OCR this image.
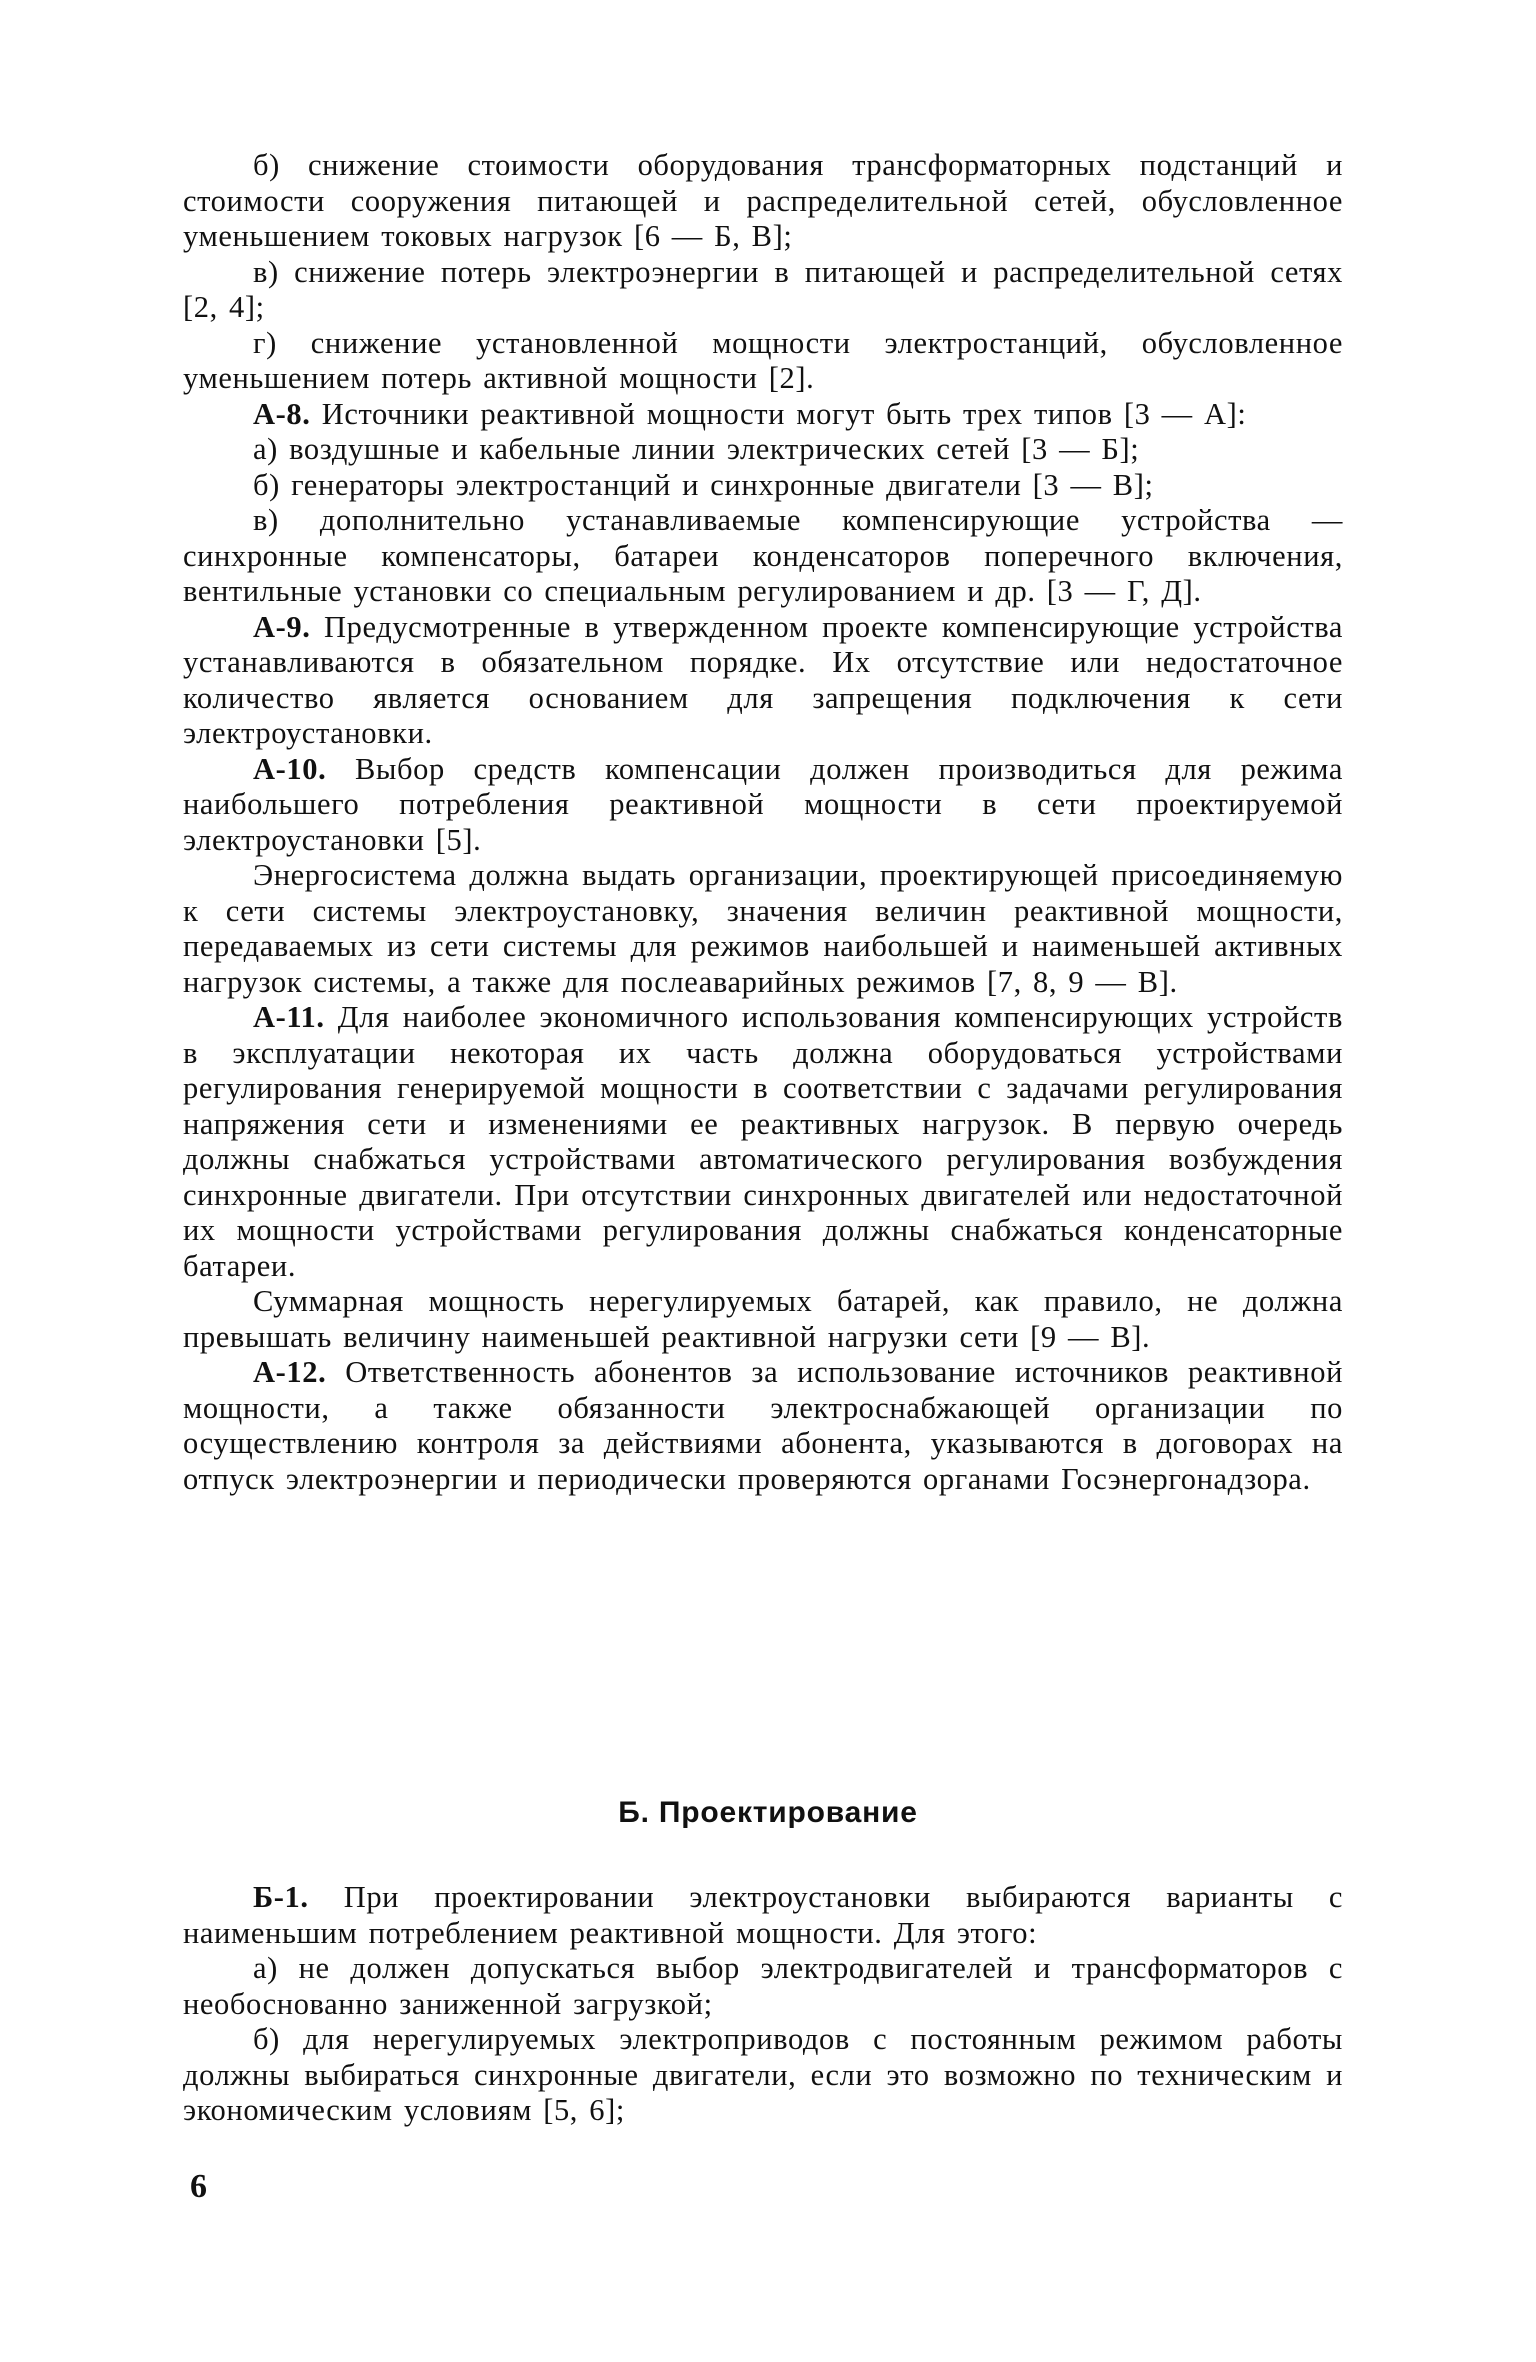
б) снижение стоимости оборудования трансформаторных подстанций и стоимости сооружения питающей и распределительной сетей, обусловленное уменьшением токовых нагрузок [6 — Б, В];

в) снижение потерь электроэнергии в питающей и распределительной сетях [2, 4];

г) снижение установленной мощности электростанций, обусловленное уменьшением потерь активной мощности [2].

А-8. Источники реактивной мощности могут быть трех типов [3 — А]:

а) воздушные и кабельные линии электрических сетей [3 — Б];

б) генераторы электростанций и синхронные двигатели [3 — В];

в) дополнительно устанавливаемые компенсирующие устройства — синхронные компенсаторы, батареи конденсаторов поперечного включения, вентильные установки со специальным регулированием и др. [3 — Г, Д].

А-9. Предусмотренные в утвержденном проекте компенсирующие устройства устанавливаются в обязательном порядке. Их отсутствие или недостаточное количество является основанием для запрещения подключения к сети электроустановки.

А-10. Выбор средств компенсации должен производиться для режима наибольшего потребления реактивной мощности в сети проектируемой электроустановки [5].

Энергосистема должна выдать организации, проектирующей присоединяемую к сети системы электроустановку, значения величин реактивной мощности, передаваемых из сети системы для режимов наибольшей и наименьшей активных нагрузок системы, а также для послеаварийных режимов [7, 8, 9 — В].

А-11. Для наиболее экономичного использования компенсирующих устройств в эксплуатации некоторая их часть должна оборудоваться устройствами регулирования генерируемой мощности в соответствии с задачами регулирования напряжения сети и изменениями ее реактивных нагрузок. В первую очередь должны снабжаться устройствами автоматического регулирования возбуждения синхронные двигатели. При отсутствии синхронных двигателей или недостаточной их мощности устройствами регулирования должны снабжаться конденсаторные батареи.

Суммарная мощность нерегулируемых батарей, как правило, не должна превышать величину наименьшей реактивной нагрузки сети [9 — В].

А-12. Ответственность абонентов за использование источников реактивной мощности, а также обязанности электроснабжающей организации по осуществлению контроля за действиями абонента, указываются в договорах на отпуск электроэнергии и периодически проверяются органами Госэнергонадзора.

Б. Проектирование

Б-1. При проектировании электроустановки выбираются варианты с наименьшим потреблением реактивной мощности. Для этого:

а) не должен допускаться выбор электродвигателей и трансформаторов с необоснованно заниженной загрузкой;

б) для нерегулируемых электроприводов с постоянным режимом работы должны выбираться синхронные двигатели, если это возможно по техническим и экономическим условиям [5, 6];

6
